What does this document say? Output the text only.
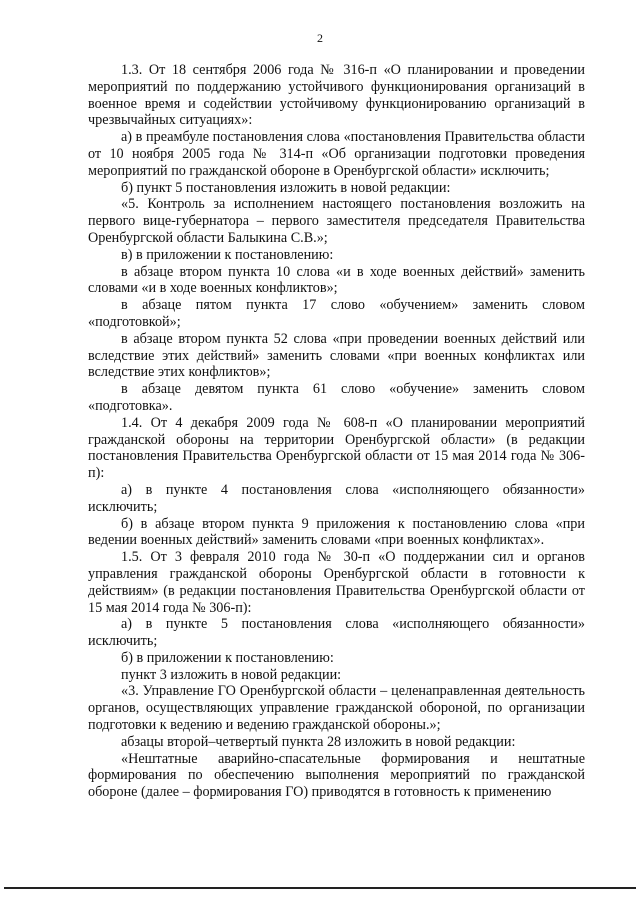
2

1.3. От 18 сентября 2006 года № 316-п «О планировании и проведении мероприятий по поддержанию устойчивого функционирования организаций в военное время и содействии устойчивому функционированию организаций в чрезвычайных ситуациях»:

а) в преамбуле постановления слова «постановления Правительства области от 10 ноября 2005 года № 314-п «Об организации подготовки проведения мероприятий по гражданской обороне в Оренбургской области» исключить;

б) пункт 5 постановления изложить в новой редакции:

«5. Контроль за исполнением настоящего постановления возложить на первого вице-губернатора – первого заместителя председателя Правительства Оренбургской области Балыкина С.В.»;

в) в приложении к постановлению:

в абзаце втором пункта 10 слова «и в ходе военных действий» заменить словами «и в ходе военных конфликтов»;

в абзаце пятом пункта 17 слово «обучением» заменить словом «подготовкой»;

в абзаце втором пункта 52 слова «при проведении военных действий или вследствие этих действий» заменить словами «при военных конфликтах или вследствие этих конфликтов»;

в абзаце девятом пункта 61 слово «обучение» заменить словом «подготовка».

1.4. От 4 декабря 2009 года № 608-п «О планировании мероприятий гражданской обороны на территории Оренбургской области» (в редакции постановления Правительства Оренбургской области от 15 мая 2014 года № 306-п):

а) в пункте 4 постановления слова «исполняющего обязанности» исключить;

б) в абзаце втором пункта 9 приложения к постановлению слова «при ведении военных действий» заменить словами «при военных конфликтах».

1.5. От 3 февраля 2010 года № 30-п «О поддержании сил и органов управления гражданской обороны Оренбургской области в готовности к действиям» (в редакции постановления Правительства Оренбургской области от 15 мая 2014 года № 306-п):

а) в пункте 5 постановления слова «исполняющего обязанности» исключить;

б) в приложении к постановлению:

пункт 3 изложить в новой редакции:

«3. Управление ГО Оренбургской области – целенаправленная деятельность органов, осуществляющих управление гражданской обороной, по организации подготовки к ведению и ведению гражданской обороны.»;

абзацы второй–четвертый пункта 28 изложить в новой редакции:

«Нештатные аварийно-спасательные формирования и нештатные формирования по обеспечению выполнения мероприятий по гражданской обороне (далее – формирования ГО) приводятся в готовность к применению
